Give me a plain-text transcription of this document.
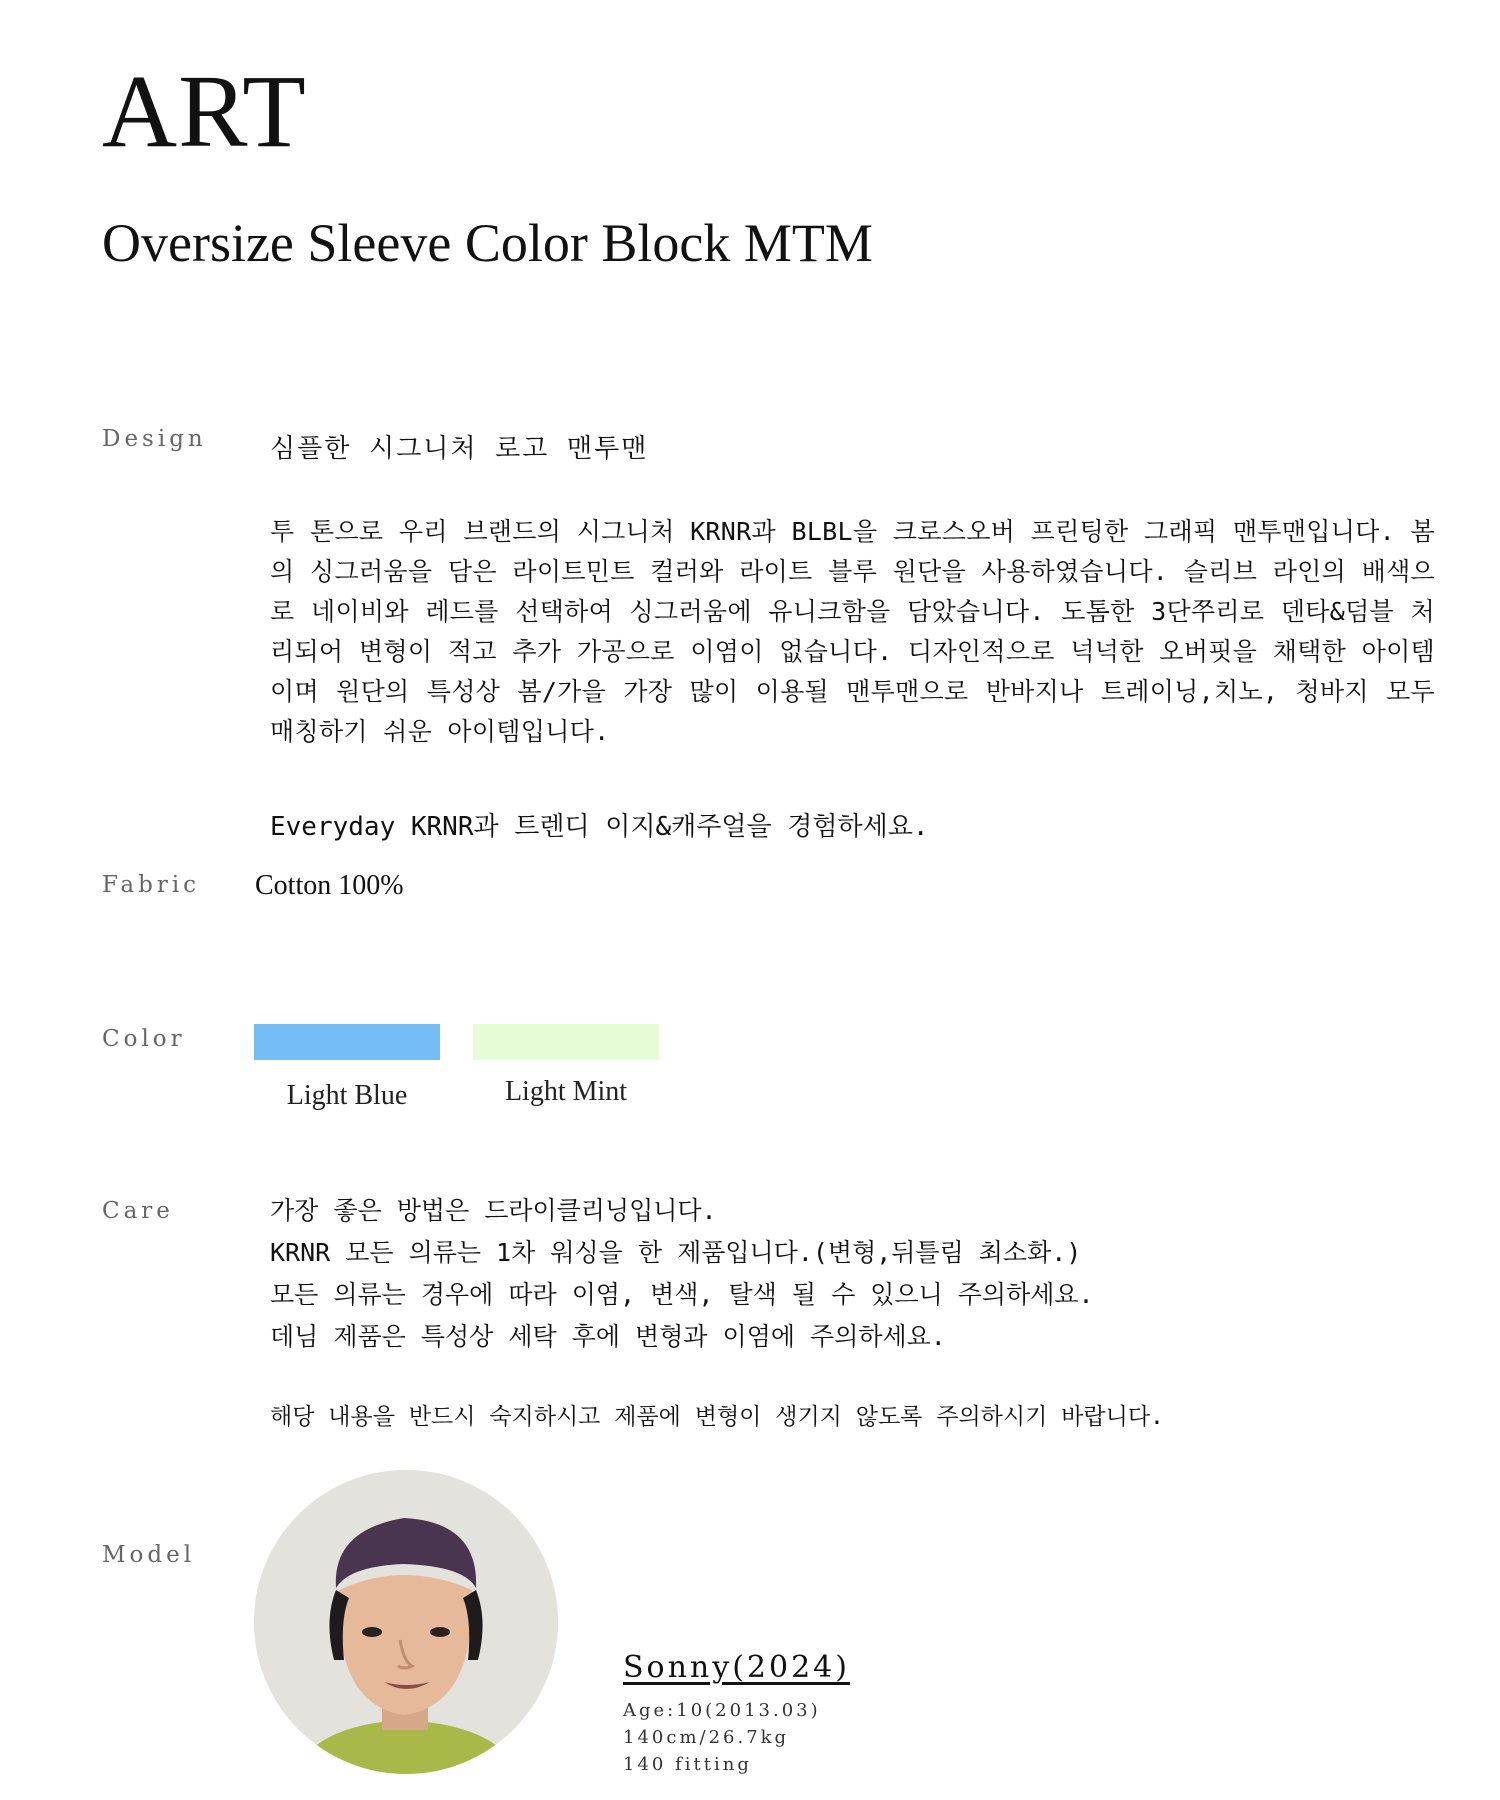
ART
Oversize Sleeve Color Block MTM
Design 심플한 시그니처 로고 맨투맨
투 톤으로 우리 브랜드의 시그니처 KRNR과 BLBL을 크로스오버 프린팅한 그래픽 맨투맨입니다. 봄의 싱그러움을 담은 라이트민트 컬러와 라이트 블루 원단을 사용하였습니다. 슬리브 라인의 배색으로 네이비와 레드를 선택하여 싱그러움에 유니크함을 담았습니다. 도톰한 3단쭈리로 덴타&덤블 처리되어 변형이 적고 추가 가공으로 이염이 없습니다. 디자인적으로 넉넉한 오버핏을 채택한 아이템이며 원단의 특성상 봄/가을 가장 많이 이용될 맨투맨으로 반바지나 트레이닝,치노, 청바지 모두 매칭하기 쉬운 아이템입니다.
Everyday KRNR과 트렌디 이지&캐주얼을 경험하세요.
Fabric Cotton 100%
Color
Light Blue	Light Mint
Care	가장 좋은 방법은 드라이클리닝입니다.
KRNR 모든 의류는 1차 워싱을 한 제품입니다.(변형,뒤틀림 최소화.)
모든 의류는 경우에 따라 이염, 변색, 탈색 될 수 있으니 주의하세요.
데님 제품은 특성상 세탁 후에 변형과 이염에 주의하세요.
해당 내용을 반드시 숙지하시고 제품에 변형이 생기지 않도록 주의하시기 바랍니다.
Model
Sonny(2024)
Age:10(2013.03)
140cm/26.7kg
140 fitting
